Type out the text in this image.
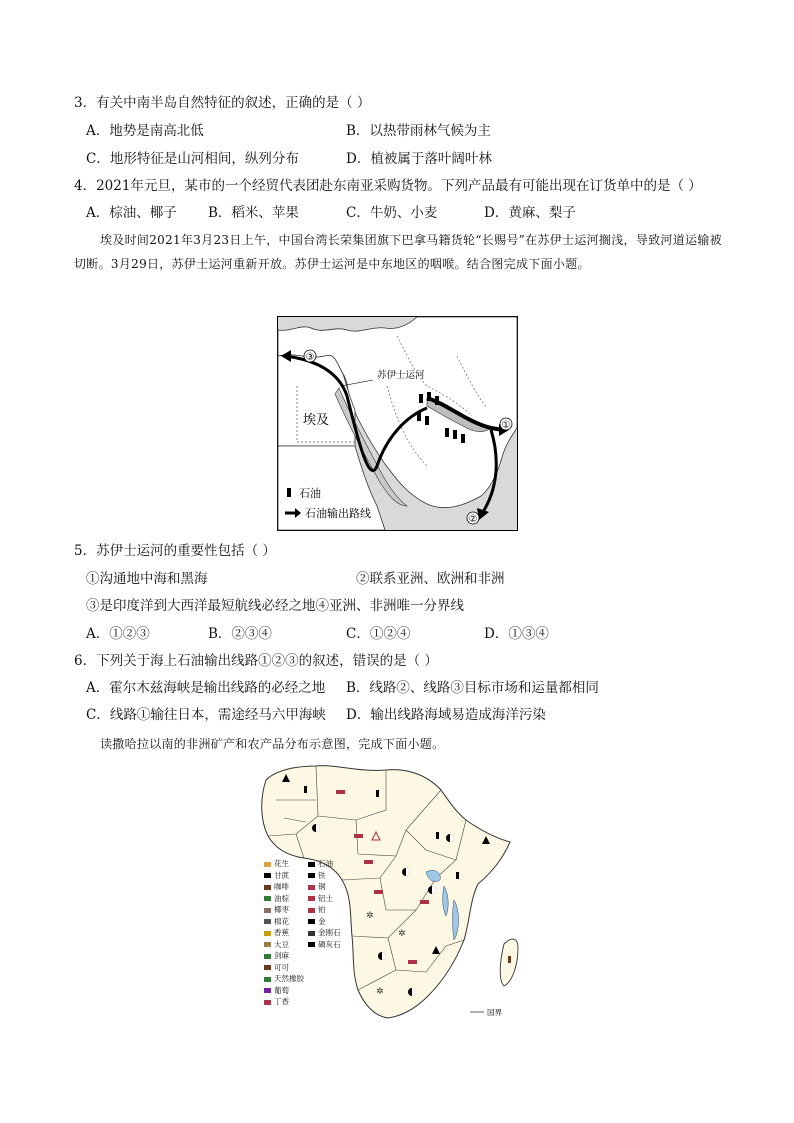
3．有关中南半岛自然特征的叙述，正确的是（ ）
A．地势是南高北低	B．以热带雨林气候为主
C．地形特征是山河相间，纵列分布	D．植被属于落叶阔叶林
4．2021年元旦，某市的一个经贸代表团赴东南亚采购货物。下列产品最有可能出现在订货单中的是（ ）
A．棕油、椰子 B．稻米、苹果	C．牛奶、小麦	D．黄麻、梨子
埃及时间2021年3月23日上午，中国台湾长荣集团旗下巴拿马籍货轮“长赐号”在苏伊士运河搁浅，导致河道运输被切断。3月29日，苏伊士运河重新开放。苏伊士运河是中东地区的咽喉。结合图完成下面小题。
③
①
②
苏伊士运河
埃及
石油
石油输出路线
5．苏伊士运河的重要性包括（ ）
①沟通地中海和黑海	②联系亚洲、欧洲和非洲
③是印度洋到大西洋最短航线必经之地④亚洲、非洲唯一分界线
A．①②③	B．②③④	C．①②④	D．①③④
6．下列关于海上石油输出线路①②③的叙述，错误的是（ ）
A．霍尔木兹海峡是输出线路的必经之地 B．线路②、线路③目标市场和运量都相同
C．线路①输往日本，需途经马六甲海峡 D．输出线路海域易造成海洋污染
读撒哈拉以南的非洲矿产和农产品分布示意图，完成下面小题。
✲
✲
✲
国界
花生
甘蔗
咖啡
油棕
椰枣
棉花
香蕉
大豆
剑麻
可可
天然橡胶
葡萄
丁香
石油
铁
铜
铝土
铂
金
金刚石
磷灰石
